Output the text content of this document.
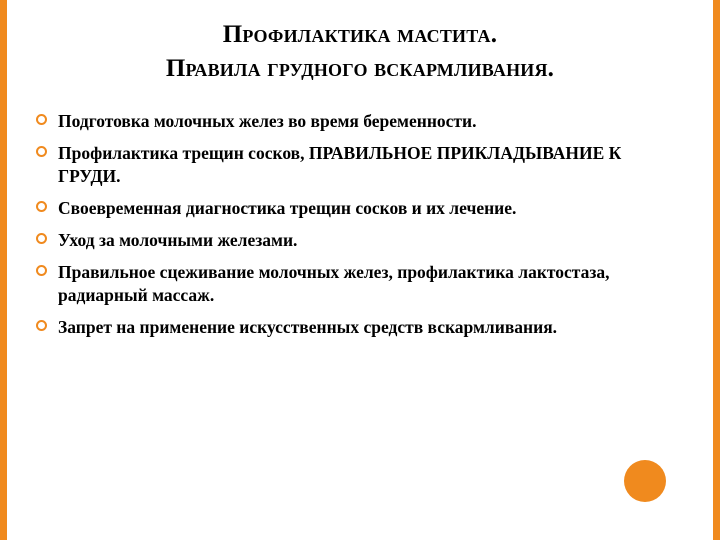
Профилактика мастита.
Правила грудного вскармливания.
Подготовка молочных желез во время беременности.
Профилактика трещин сосков, ПРАВИЛЬНОЕ ПРИКЛАДЫВАНИЕ К ГРУДИ.
Своевременная диагностика трещин сосков и их лечение.
Уход за молочными железами.
Правильное сцеживание молочных желез, профилактика лактостаза, радиарный массаж.
Запрет на применение искусственных средств вскармливания.
